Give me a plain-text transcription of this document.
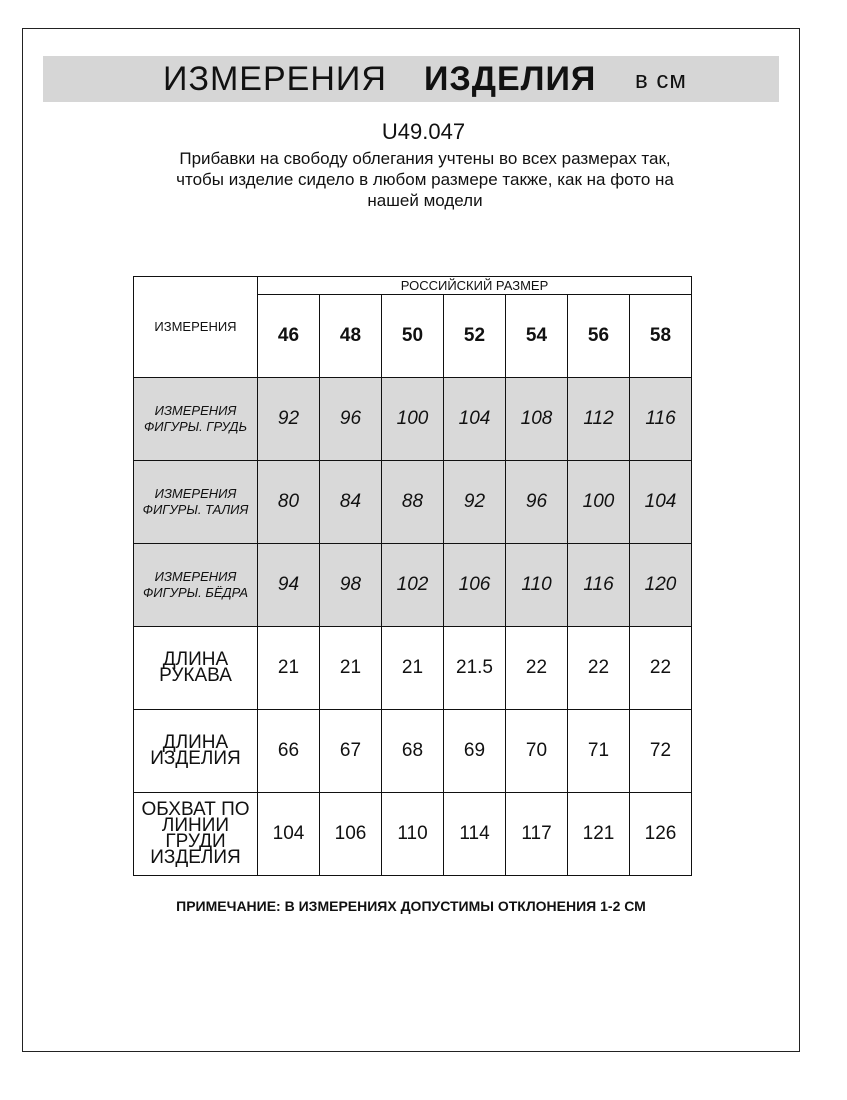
ИЗМЕРЕНИЯ ИЗДЕЛИЯ в см
U49.047
Прибавки на свободу облегания учтены во всех размерах так,
чтобы изделие сидело в любом размере также, как на фото на
нашей модели
ИЗМЕРЕНИЯ	РОССИЙСКИЙ РАЗМЕР						
	46	48	50	52	54	56	58

ИЗМЕРЕНИЯ
ФИГУРЫ. ГРУДЬ	92	96	100	104	108	112	116

ИЗМЕРЕНИЯ
ФИГУРЫ. ТАЛИЯ	80	84	88	92	96	100	104

ИЗМЕРЕНИЯ
ФИГУРЫ. БЁДРА	94	98	102	106	110	116	120

ДЛИНА РУКАВА	21	21	21	21.5	22	22	22

ДЛИНА ИЗДЕЛИЯ	66	67	68	69	70	71	72

ОБХВАТ ПО
ЛИНИИ ГРУДИ
ИЗДЕЛИЯ	104	106	110	114	117	121	126
ПРИМЕЧАНИЕ: В ИЗМЕРЕНИЯХ ДОПУСТИМЫ ОТКЛОНЕНИЯ 1-2 СМ
